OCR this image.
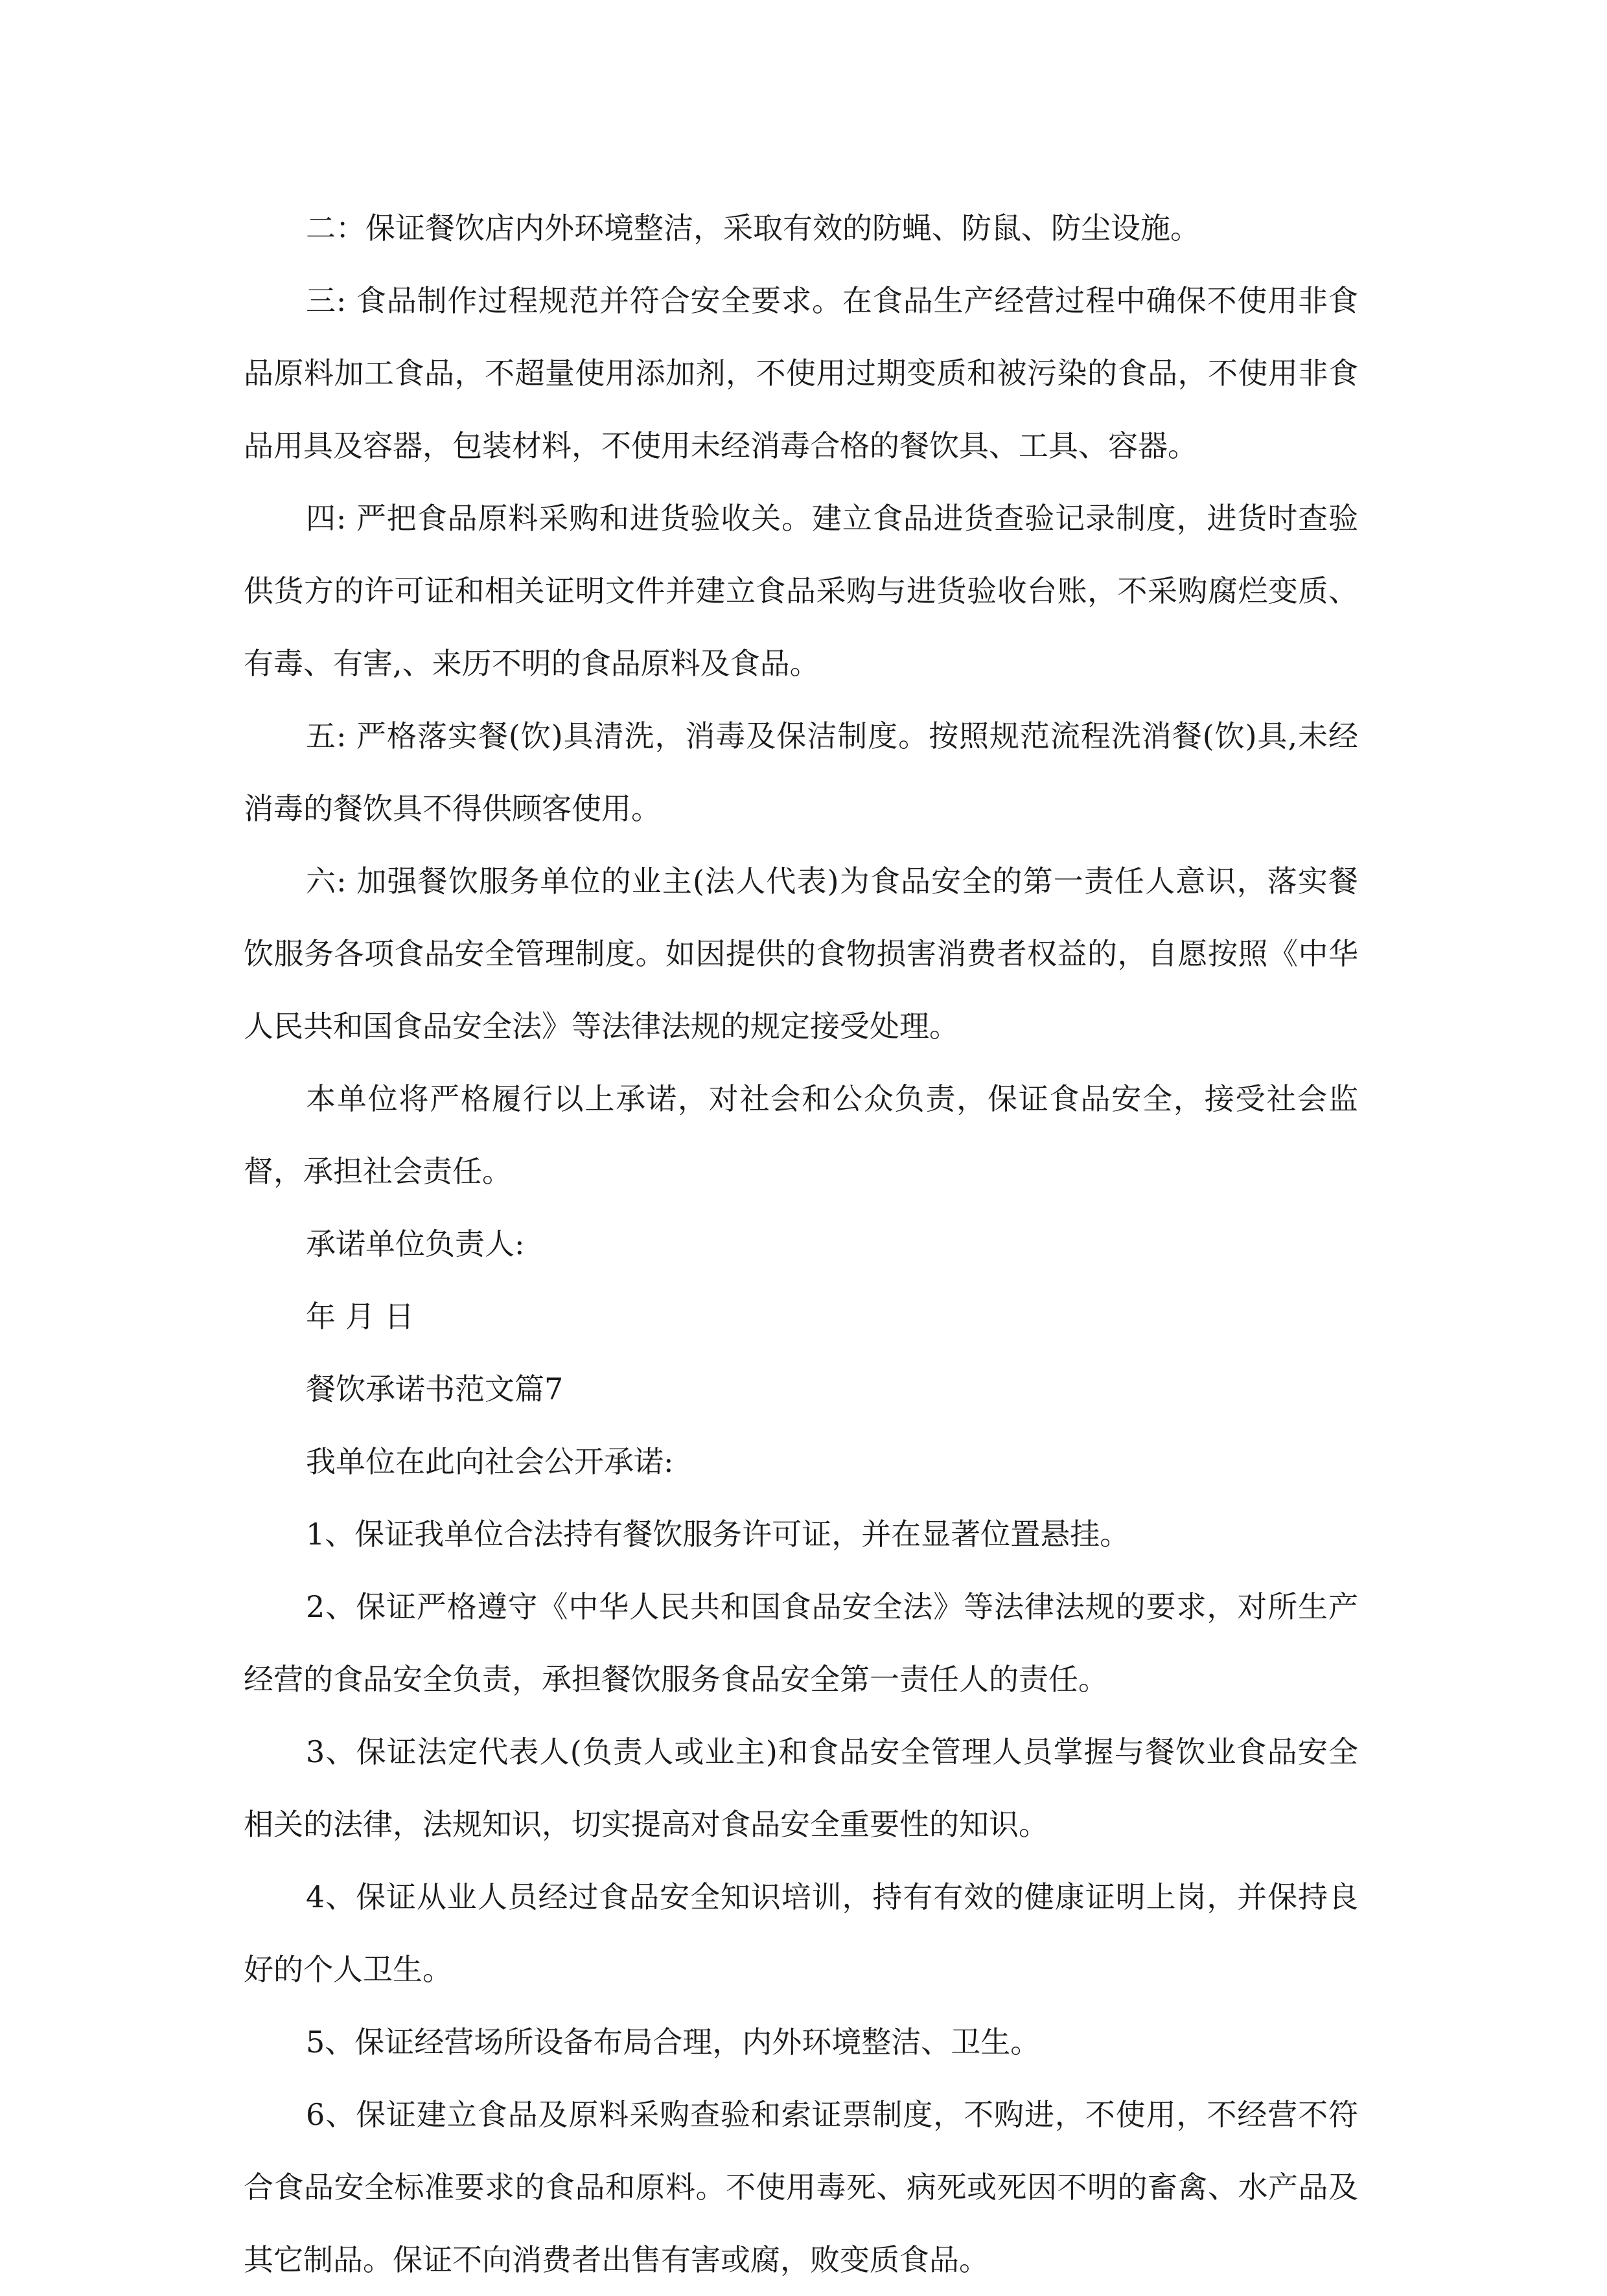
二：保证餐饮店内外环境整洁，采取有效的防蝇、防鼠、防尘设施。

三: 食品制作过程规范并符合安全要求。在食品生产经营过程中确保不使用非食品原料加工食品，不超量使用添加剂，不使用过期变质和被污染的食品，不使用非食品用具及容器，包装材料，不使用未经消毒合格的餐饮具、工具、容器。

四: 严把食品原料采购和进货验收关。建立食品进货查验记录制度，进货时查验供货方的许可证和相关证明文件并建立食品采购与进货验收台账，不采购腐烂变质、有毒、有害,、来历不明的食品原料及食品。

五: 严格落实餐(饮)具清洗，消毒及保洁制度。按照规范流程洗消餐(饮)具,未经消毒的餐饮具不得供顾客使用。

六: 加强餐饮服务单位的业主(法人代表)为食品安全的第一责任人意识，落实餐饮服务各项食品安全管理制度。如因提供的食物损害消费者权益的，自愿按照《中华人民共和国食品安全法》等法律法规的规定接受处理。

本单位将严格履行以上承诺，对社会和公众负责，保证食品安全，接受社会监督，承担社会责任。

承诺单位负责人:

年 月 日

餐饮承诺书范文篇7

我单位在此向社会公开承诺:

1、保证我单位合法持有餐饮服务许可证，并在显著位置悬挂。

2、保证严格遵守《中华人民共和国食品安全法》等法律法规的要求，对所生产经营的食品安全负责，承担餐饮服务食品安全第一责任人的责任。

3、保证法定代表人(负责人或业主)和食品安全管理人员掌握与餐饮业食品安全相关的法律，法规知识，切实提高对食品安全重要性的知识。

4、保证从业人员经过食品安全知识培训，持有有效的健康证明上岗，并保持良好的个人卫生。

5、保证经营场所设备布局合理，内外环境整洁、卫生。

6、保证建立食品及原料采购查验和索证票制度，不购进，不使用，不经营不符合食品安全标准要求的食品和原料。不使用毒死、病死或死因不明的畜禽、水产品及其它制品。保证不向消费者出售有害或腐，败变质食品。
